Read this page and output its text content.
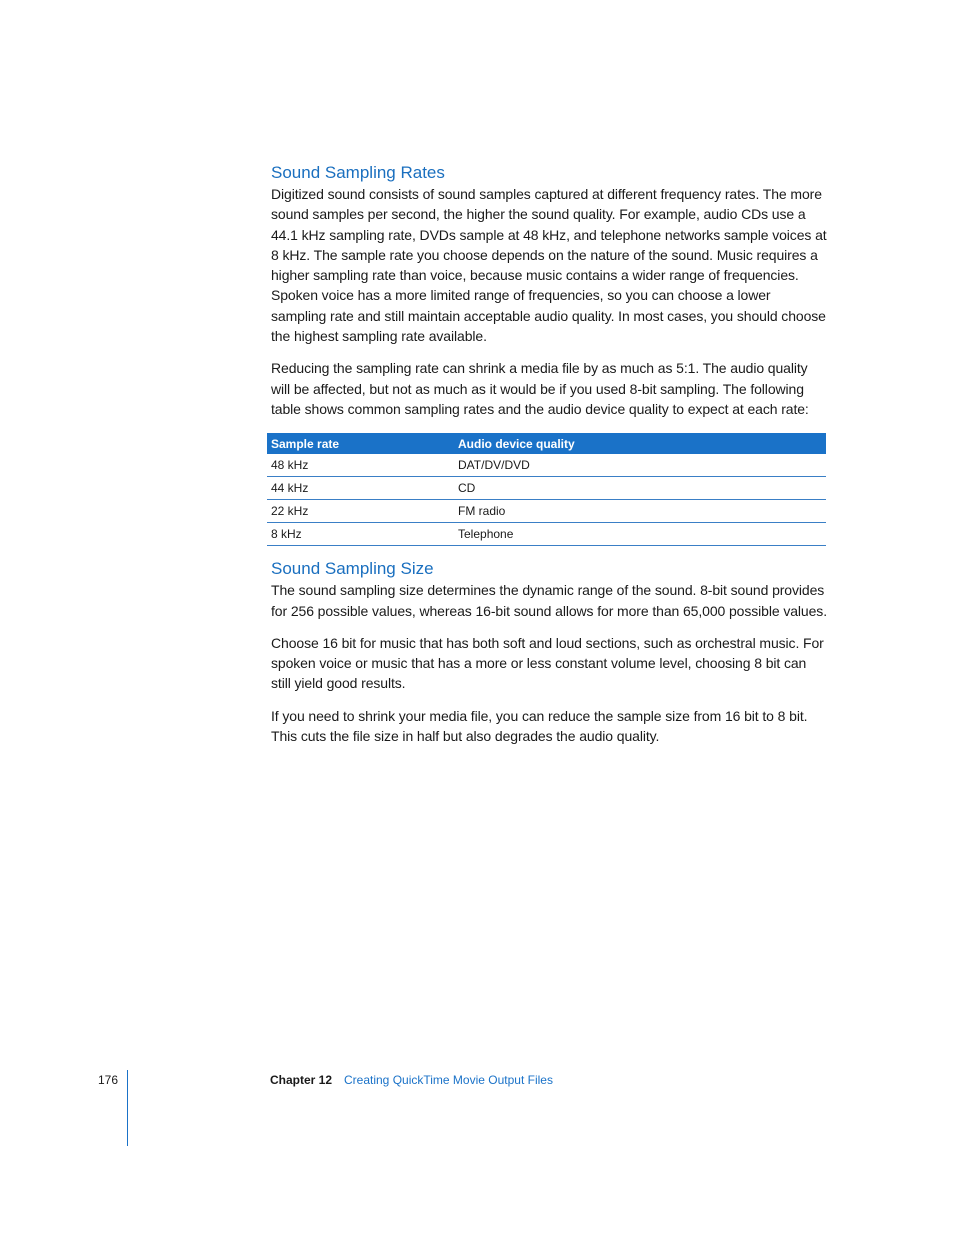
Sound Sampling Rates

Digitized sound consists of sound samples captured at different frequency rates. The more sound samples per second, the higher the sound quality. For example, audio CDs use a 44.1 kHz sampling rate, DVDs sample at 48 kHz, and telephone networks sample voices at 8 kHz. The sample rate you choose depends on the nature of the sound. Music requires a higher sampling rate than voice, because music contains a wider range of frequencies. Spoken voice has a more limited range of frequencies, so you can choose a lower sampling rate and still maintain acceptable audio quality. In most cases, you should choose the highest sampling rate available.

Reducing the sampling rate can shrink a media file by as much as 5:1. The audio quality will be affected, but not as much as it would be if you used 8-bit sampling. The following table shows common sampling rates and the audio device quality to expect at each rate:

Sample rate	Audio device quality
48 kHz	DAT/DV/DVD
44 kHz	CD
22 kHz	FM radio
8 kHz	Telephone
Sound Sampling Size

The sound sampling size determines the dynamic range of the sound. 8-bit sound provides for 256 possible values, whereas 16-bit sound allows for more than 65,000 possible values.

Choose 16 bit for music that has both soft and loud sections, such as orchestral music. For spoken voice or music that has a more or less constant volume level, choosing 8 bit can still yield good results.

If you need to shrink your media file, you can reduce the sample size from 16 bit to 8 bit. This cuts the file size in half but also degrades the audio quality.

176	Chapter 12 Creating QuickTime Movie Output Files
